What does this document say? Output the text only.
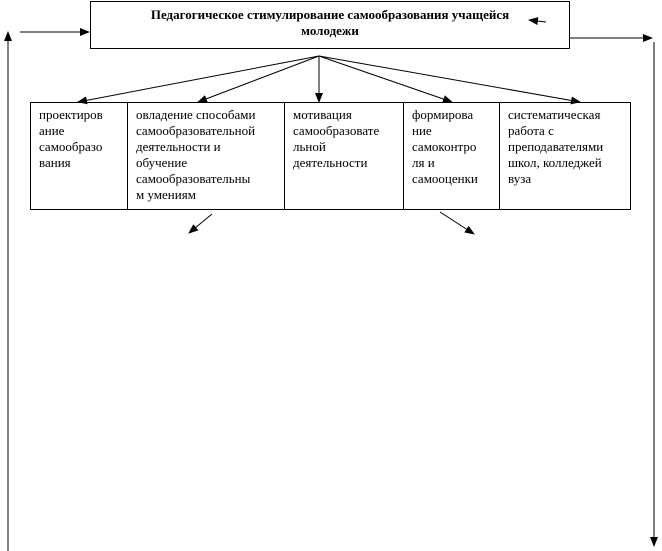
Педагогическое стимулирование самообразования учащейся
молодежи
проектиров
ание
самообразо
вания
овладение способами
самообразовательной
деятельности и
обучение
самообразовательны
м умениям
мотивация
самообразовате
льной
деятельности
формирова
ние
самоконтро
ля и
самооценки
систематическая
работа с
преподавателями
школ, колледжей
вуза
